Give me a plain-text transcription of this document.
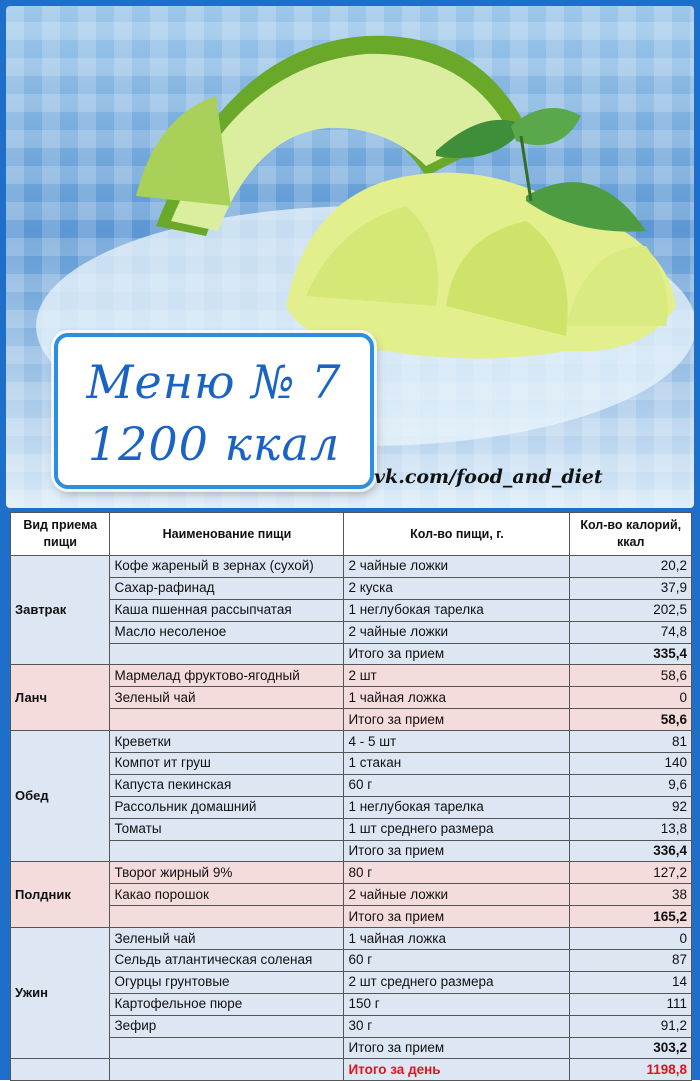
Меню № 7
1200 ккал
vk.com/food_and_diet
Вид приема пищи	Наименование пищи	Кол-во пищи, г.	Кол-во калорий, ккал
Завтрак	Кофе жареный в зернах (сухой)	2 чайные ложки	20,2
	Сахар-рафинад	2 куска	37,9
	Каша пшенная рассыпчатая	1 неглубокая тарелка	202,5
	Масло несоленое	2 чайные ложки	74,8
		Итого за прием	335,4
Ланч	Мармелад фруктово-ягодный	2 шт	58,6
	Зеленый чай	1 чайная ложка	0
		Итого за прием	58,6
Обед	Креветки	4 - 5 шт	81
	Компот ит груш	1 стакан	140
	Капуста пекинская	60 г	9,6
	Рассольник домашний	1 неглубокая тарелка	92
	Томаты	1 шт среднего размера	13,8
		Итого за прием	336,4
Полдник	Творог жирный 9%	80 г	127,2
	Какао порошок	2 чайные ложки	38
		Итого за прием	165,2
Ужин	Зеленый чай	1 чайная ложка	0
	Сельдь атлантическая соленая	60 г	87
	Огурцы грунтовые	2 шт среднего размера	14
	Картофельное пюре	150 г	111
	Зефир	30 г	91,2
		Итого за прием	303,2
		Итого за день	1198,8
